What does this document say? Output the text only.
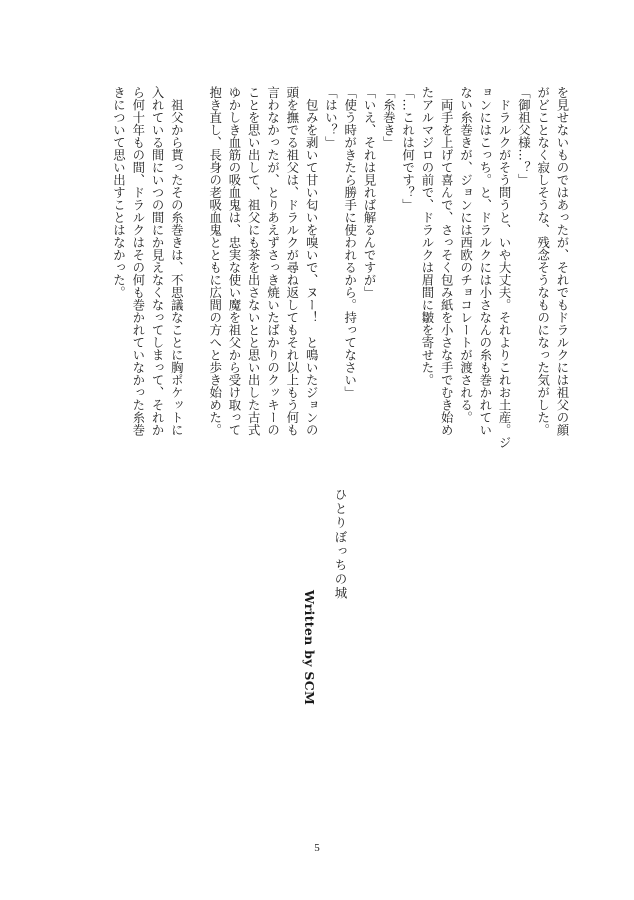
を見せないものではあったが、それでもドラルクには祖父の顔

がどことなく寂しそうな、残念そうなものになった気がした。

「御祖父様…？」

　ドラルクがそう問うと、いや大丈夫。それよりこれお土産。ジ

ョンにはこっち。と、ドラルクには小さなんの糸も巻かれてい

ない糸巻きが、ジョンには西欧のチョコレートが渡される。

　両手を上げて喜んで、さっそく包み紙を小さな手でむき始め

たアルマジロの前で、ドラルクは眉間に皺を寄せた。

「…これは何です？」

「糸巻き」

「いえ、それは見れば解るんですが」

「使う時がきたら勝手に使われるから。持ってなさい」

「はい？」

　包みを剥いて甘い匂いを嗅いで、ヌー！　と鳴いたジョンの

頭を撫でる祖父は、ドラルクが尋ね返してもそれ以上もう何も

言わなかったが、とりあえずさっき焼いたばかりのクッキーの

ことを思い出して、祖父にも茶を出さないとと思い出した古式

ゆかしき血筋の吸血鬼は、忠実な使い魔を祖父から受け取って

抱き直し、長身の老吸血鬼とともに広間の方へと歩き始めた。

　祖父から貰ったその糸巻きは、不思議なことに胸ポケットに

入れている間にいつの間にか見えなくなってしまって、それか

ら何十年もの間、ドラルクはその何も巻かれていなかった糸巻

きについて思い出すことはなかった。

ひとりぼっちの城
Written by SCM
5
